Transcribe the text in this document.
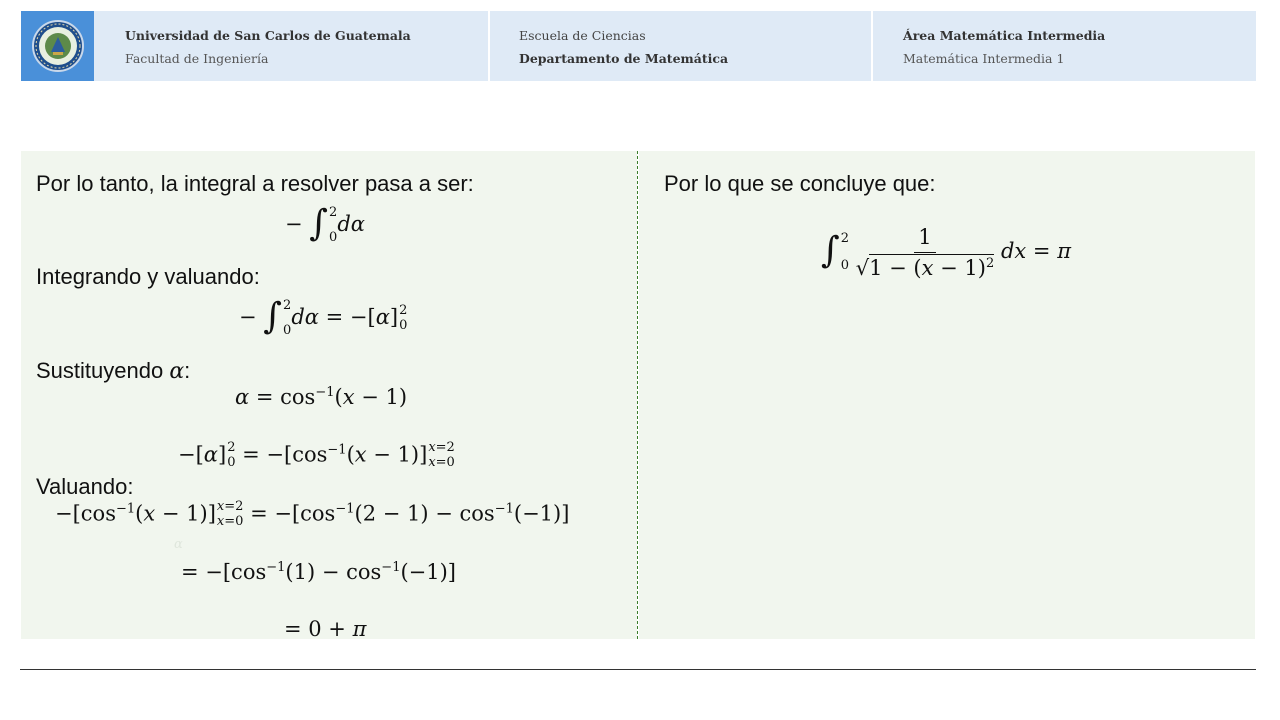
Universidad de San Carlos de Guatemala
Facultad de Ingeniería
Escuela de Ciencias
Departamento de Matemática
Área Matemática Intermedia
Matemática Intermedia 1
Por lo tanto, la integral a resolver pasa a ser:
− ∫ 2
0
dα
Integrando y valuando:
− ∫ 2
0
dα = −[α] 2
0
Sustituyendo α:
$\alpha = \cos^{-1}(x - 1)$
−[α] 2
$0 = -[\cos^{-1}(x - 1)]$ x=2
x=0
Valuando:
$-[\cos^{-1}(x - 1)]$ x=2
$x=0 = -[\cos^{-1}(2 - 1) - \cos^{-1}(-1)]$
α
= $-[\cos^{-1}(1) - \cos^{-1}(-1)]$
= 0 + π
Por lo que se concluye que:
∫ 2
0
$\frac{1}{√1 - (x - 1)^2}$ dx = π
